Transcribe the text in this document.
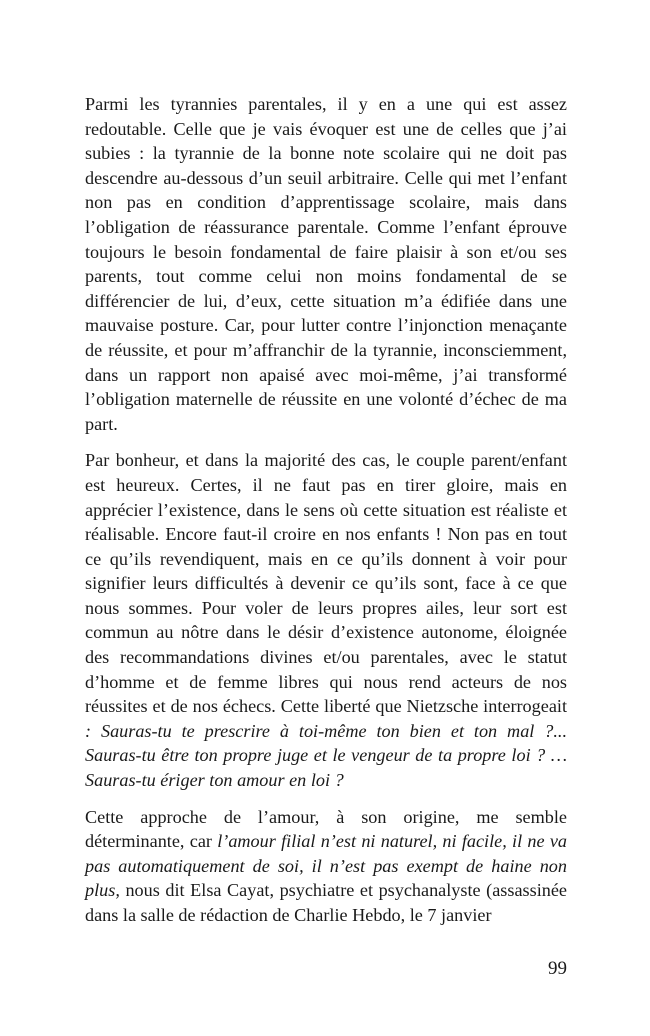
Parmi les tyrannies parentales, il y en a une qui est assez redoutable. Celle que je vais évoquer est une de celles que j’ai subies : la tyrannie de la bonne note scolaire qui ne doit pas descendre au-dessous d’un seuil arbitraire. Celle qui met l’enfant non pas en condition d’apprentissage scolaire, mais dans l’obligation de réassurance parentale. Comme l’enfant éprouve toujours le besoin fondamental de faire plaisir à son et/ou ses parents, tout comme celui non moins fondamental de se différencier de lui, d’eux, cette situation m’a édifiée dans une mauvaise posture. Car, pour lutter contre l’injonction menaçante de réussite, et pour m’affranchir de la tyrannie, inconsciemment, dans un rapport non apaisé avec moi-même, j’ai transformé l’obligation maternelle de réussite en une volonté d’échec de ma part.

Par bonheur, et dans la majorité des cas, le couple parent/enfant est heureux. Certes, il ne faut pas en tirer gloire, mais en apprécier l’existence, dans le sens où cette situation est réaliste et réalisable. Encore faut-il croire en nos enfants ! Non pas en tout ce qu’ils revendiquent, mais en ce qu’ils donnent à voir pour signifier leurs difficultés à devenir ce qu’ils sont, face à ce que nous sommes. Pour voler de leurs propres ailes, leur sort est commun au nôtre dans le désir d’existence autonome, éloignée des recommandations divines et/ou parentales, avec le statut d’homme et de femme libres qui nous rend acteurs de nos réussites et de nos échecs. Cette liberté que Nietzsche interrogeait : Sauras-tu te prescrire à toi-même ton bien et ton mal ?... Sauras-tu être ton propre juge et le vengeur de ta propre loi ? … Sauras-tu ériger ton amour en loi ?

Cette approche de l’amour, à son origine, me semble déterminante, car l’amour filial n’est ni naturel, ni facile, il ne va pas automatiquement de soi, il n’est pas exempt de haine non plus, nous dit Elsa Cayat, psychiatre et psychanalyste (assassinée dans la salle de rédaction de Charlie Hebdo, le 7 janvier

99
